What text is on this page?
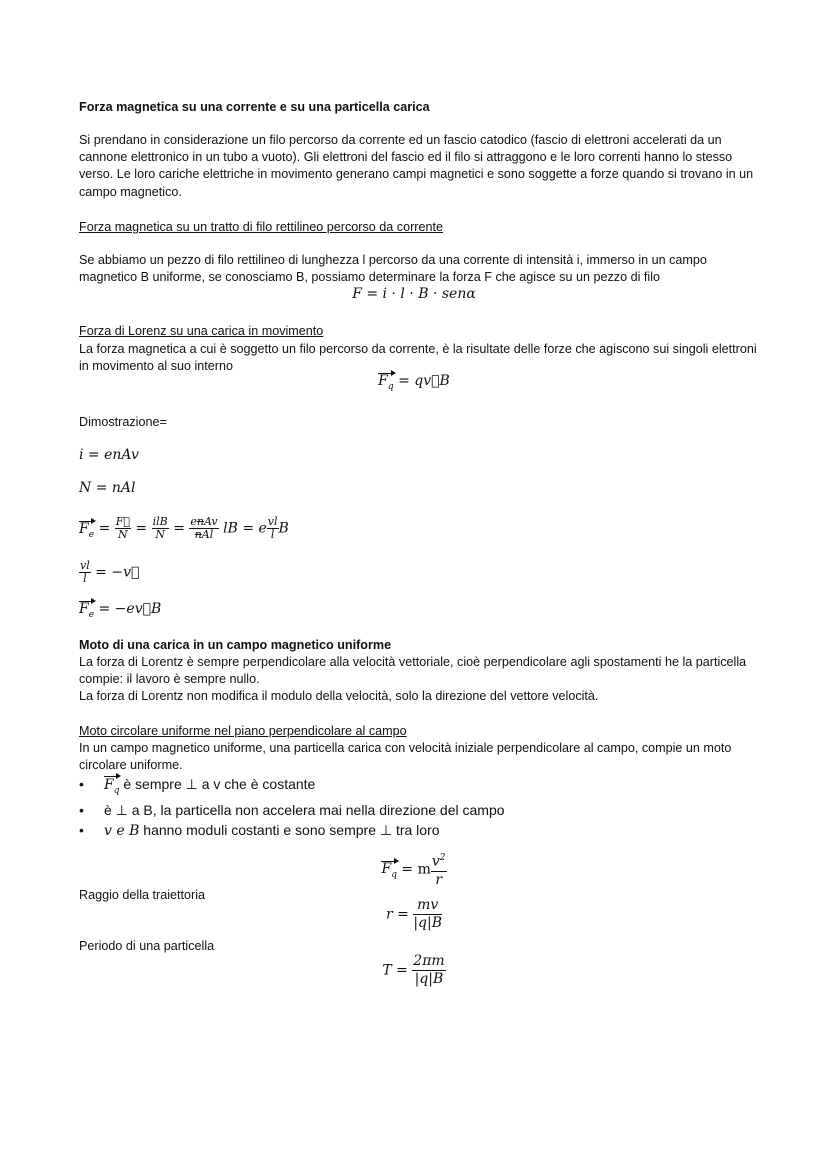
Forza magnetica su una corrente e su una particella carica
Si prendano in considerazione un filo percorso da corrente ed un fascio catodico (fascio di elettroni accelerati da un cannone elettronico in un tubo a vuoto). Gli elettroni del fascio ed il filo si attraggono e le loro correnti hanno lo stesso verso. Le loro cariche elettriche in movimento generano campi magnetici e sono soggette a forze quando si trovano in un campo magnetico.
Forza magnetica su un tratto di filo rettilineo percorso da corrente
Se abbiamo un pezzo di filo rettilineo di lunghezza l percorso da una corrente di intensità i, immerso in un campo magnetico B uniforme, se conosciamo B, possiamo determinare la forza F che agisce su un pezzo di filo
F = i · l · B · senα
Forza di Lorenz su una carica in movimento
La forza magnetica a cui è soggetto un filo percorso da corrente, è la risultate delle forze che agiscono sui singoli elettroni in movimento al suo interno
$F_q$ = qv⃗B
Dimostrazione=
i = enAv
N = nAl
$F_e = \frac{F⃗}{N} = \frac{\text{ilB}}{N} = \frac{\text{enAv}}{\text{nAl}}$ lB = e $\frac{vl}{l}$ B
$\frac{vl}{l}$ = −v⃗
$F_e$ = −ev⃗B
Moto di una carica in un campo magnetico uniforme
La forza di Lorentz è sempre perpendicolare alla velocità vettoriale, cioè perpendicolare agli spostamenti he la particella compie: il lavoro è sempre nullo.
La forza di Lorentz non modifica il modulo della velocità, solo la direzione del vettore velocità.
Moto circolare uniforme nel piano perpendicolare al campo
In un campo magnetico uniforme, una particella carica con velocità iniziale perpendicolare al campo, compie un moto circolare uniforme.
• $F_q$ è sempre ⊥ a v che è costante
• è ⊥ a B, la particella non accelera mai nella direzione del campo
• v e B hanno moduli costanti e sono sempre ⊥ tra loro
$F_q = m \frac{v^2}{r}$
Raggio della traiettoria
$r = \frac{mv}{|q|B}$
Periodo di una particella
$T = \frac{2\pi m}{|q|B}$
